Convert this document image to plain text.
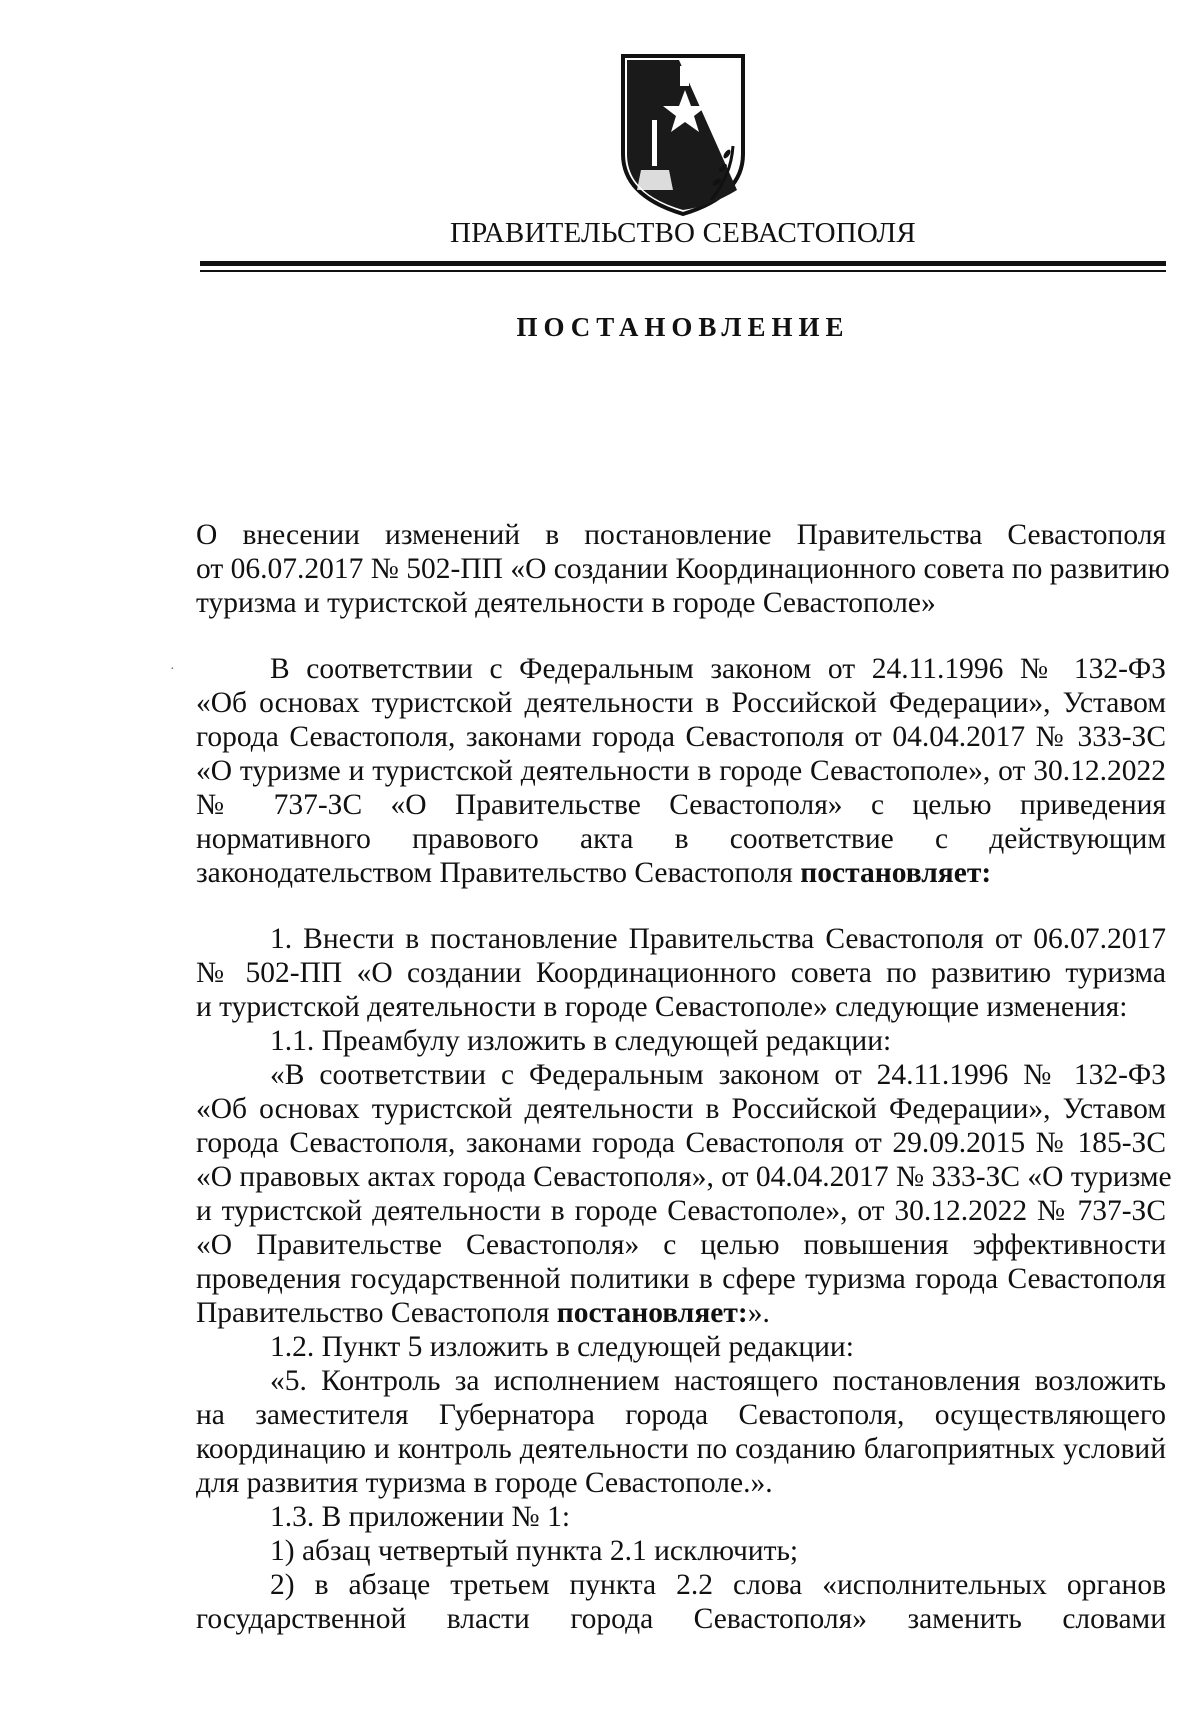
ПРАВИТЕЛЬСТВО СЕВАСТОПОЛЯ
ПОСТАНОВЛЕНИЕ
О внесении изменений в постановление Правительства Севастополя
от 06.07.2017 № 502-ПП «О создании Координационного совета по развитию
туризма и туристской деятельности в городе Севастополе»
·	В соответствии с Федеральным законом от 24.11.1996 № 132-ФЗ
«Об основах туристской деятельности в Российской Федерации», Уставом
города Севастополя, законами города Севастополя от 04.04.2017 № 333-ЗС
«О туризме и туристской деятельности в городе Севастополе», от 30.12.2022
№ 737-ЗС «О Правительстве Севастополя» с целью приведения
нормативного правового акта в соответствие с действующим
законодательством Правительство Севастополя постановляет:
1. Внести в постановление Правительства Севастополя от 06.07.2017
№ 502-ПП «О создании Координационного совета по развитию туризма
и туристской деятельности в городе Севастополе» следующие изменения:
1.1. Преамбулу изложить в следующей редакции:
«В соответствии с Федеральным законом от 24.11.1996 № 132-ФЗ
«Об основах туристской деятельности в Российской Федерации», Уставом
города Севастополя, законами города Севастополя от 29.09.2015 № 185-ЗС
«О правовых актах города Севастополя», от 04.04.2017 № 333-ЗС «О туризме
и туристской деятельности в городе Севастополе», от 30.12.2022 № 737-ЗС
«О Правительстве Севастополя» с целью повышения эффективности
проведения государственной политики в сфере туризма города Севастополя
Правительство Севастополя постановляет:».
1.2. Пункт 5 изложить в следующей редакции:
«5. Контроль за исполнением настоящего постановления возложить
на заместителя Губернатора города Севастополя, осуществляющего
координацию и контроль деятельности по созданию благоприятных условий
для развития туризма в городе Севастополе.».
1.3. В приложении № 1:
1) абзац четвертый пункта 2.1 исключить;
2) в абзаце третьем пункта 2.2 слова «исполнительных органов
государственной власти города Севастополя» заменить словами
